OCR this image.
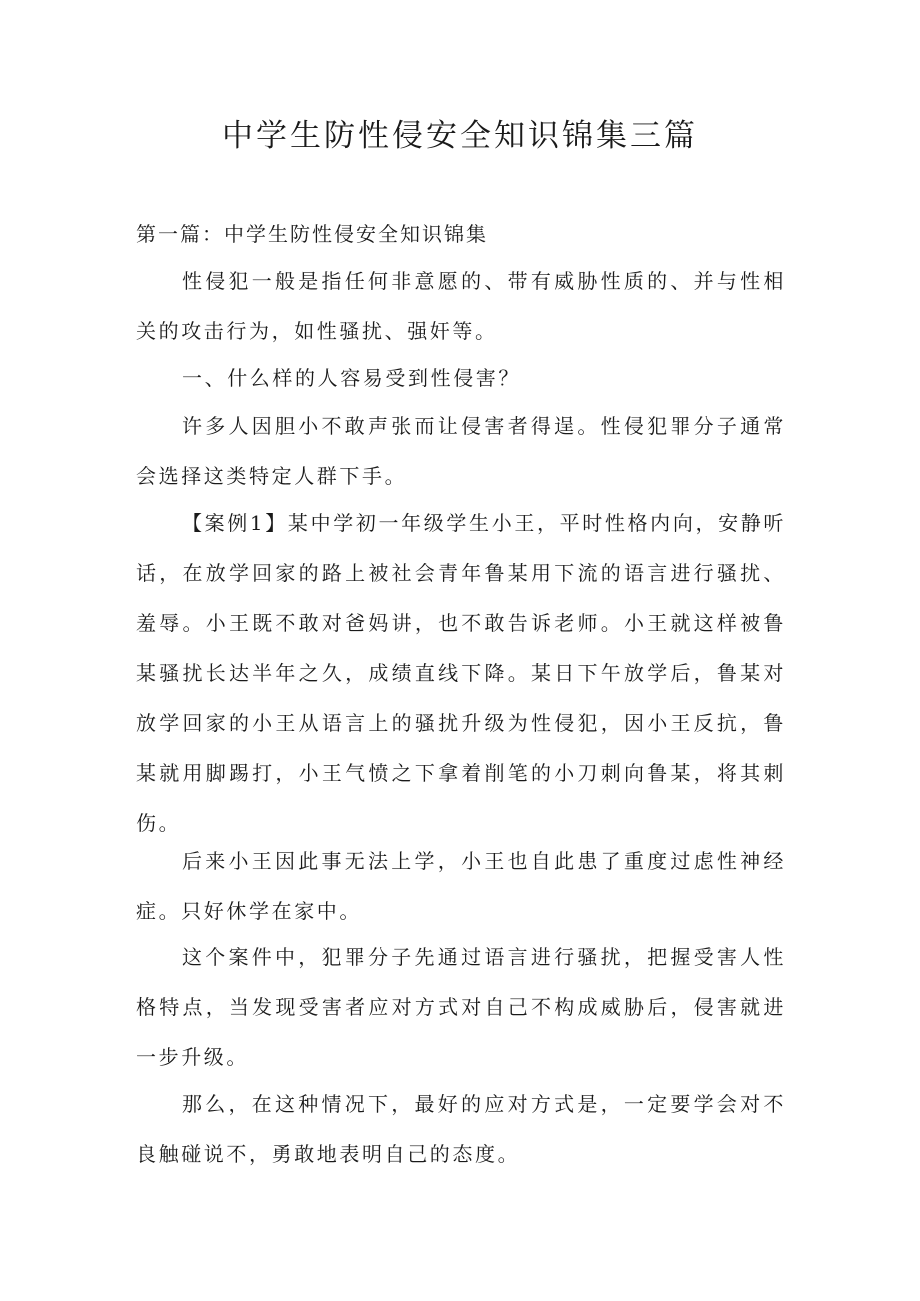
中学生防性侵安全知识锦集三篇
第一篇：中学生防性侵安全知识锦集

性侵犯一般是指任何非意愿的、带有威胁性质的、并与性相关的攻击行为，如性骚扰、强奸等。

一、什么样的人容易受到性侵害？

许多人因胆小不敢声张而让侵害者得逞。性侵犯罪分子通常会选择这类特定人群下手。

【案例1】某中学初一年级学生小王，平时性格内向，安静听话，在放学回家的路上被社会青年鲁某用下流的语言进行骚扰、羞辱。小王既不敢对爸妈讲，也不敢告诉老师。小王就这样被鲁某骚扰长达半年之久，成绩直线下降。某日下午放学后，鲁某对放学回家的小王从语言上的骚扰升级为性侵犯，因小王反抗，鲁某就用脚踢打，小王气愤之下拿着削笔的小刀刺向鲁某，将其刺伤。

后来小王因此事无法上学，小王也自此患了重度过虑性神经症。只好休学在家中。

这个案件中，犯罪分子先通过语言进行骚扰，把握受害人性格特点，当发现受害者应对方式对自己不构成威胁后，侵害就进一步升级。

那么，在这种情况下，最好的应对方式是，一定要学会对不良触碰说不，勇敢地表明自己的态度。
